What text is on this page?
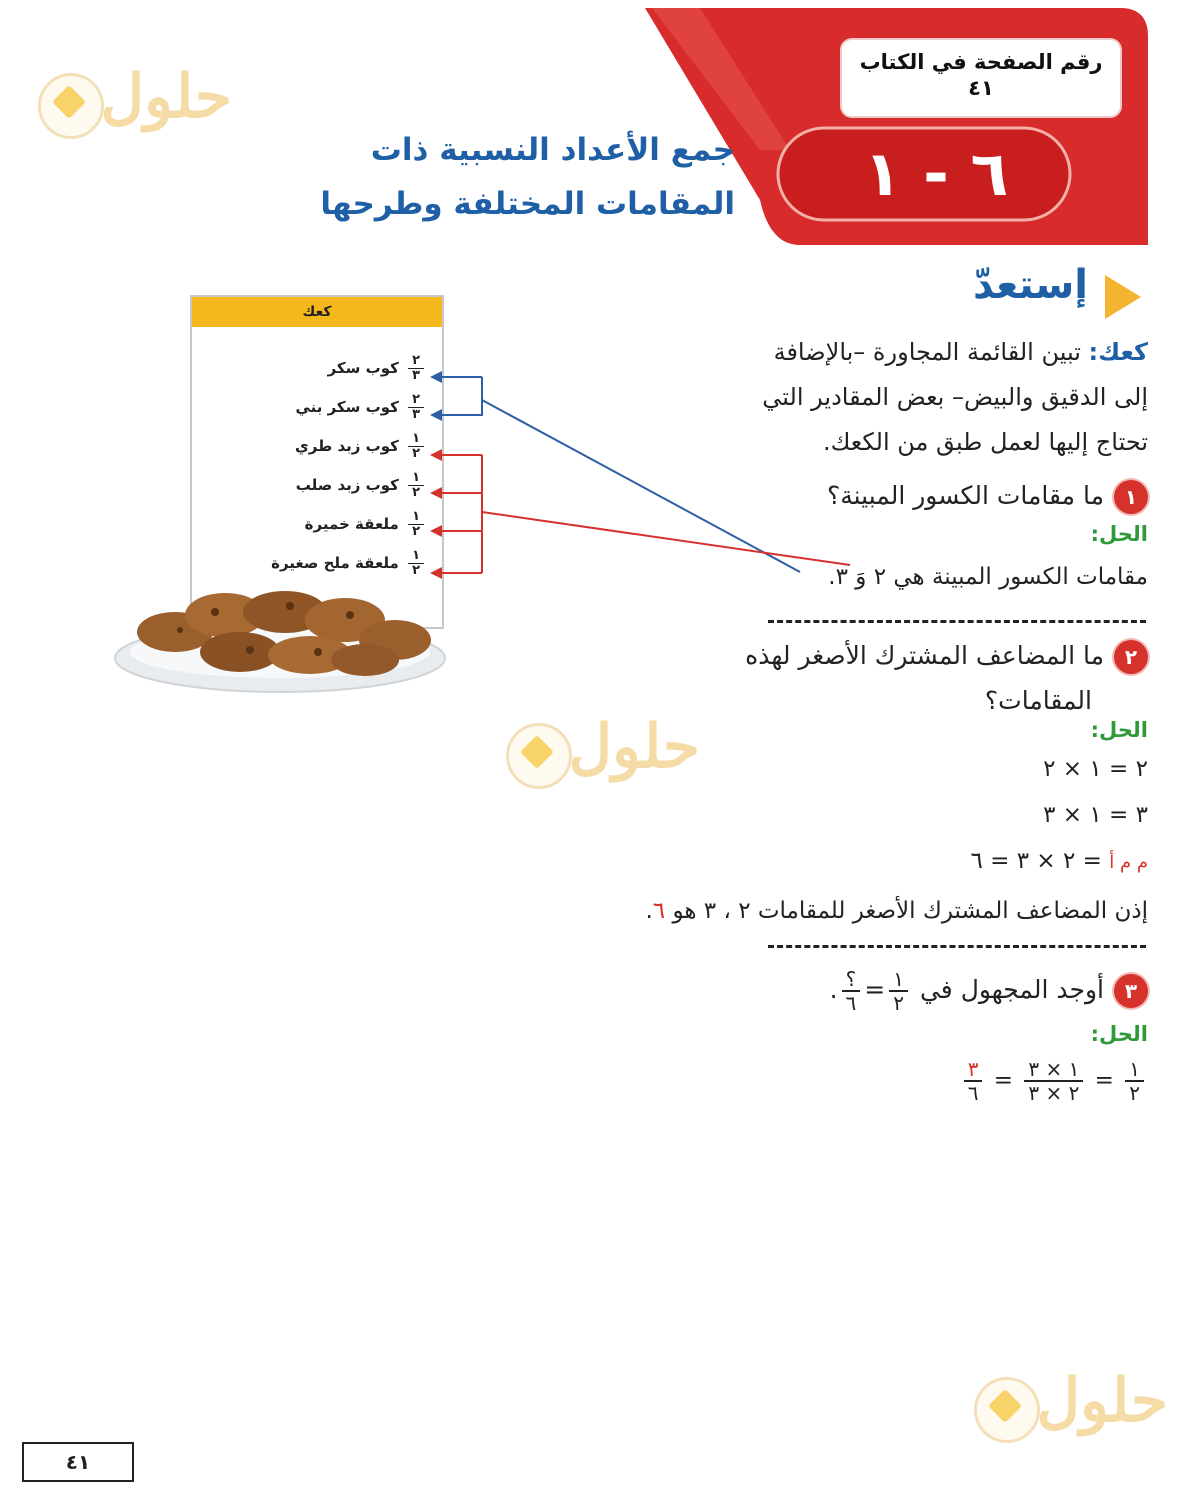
رقم الصفحة في الكتاب
٤١
٦ - ١
جمع الأعداد النسبية ذات
المقامات المختلفة وطرحها
حلول
حلول
حلول
إستعدّ
كعك: تبين القائمة المجاورة –بالإضافة
إلى الدقيق والبيض– بعض المقادير التي
تحتاج إليها لعمل طبق من الكعك.
١ما مقامات الكسور المبينة؟
الحل:
مقامات الكسور المبينة هي ٢ وَ ٣.
٢ما المضاعف المشترك الأصغر لهذه
المقامات؟
الحل:
٢ = ١ × ٢
٣ = ١ × ٣
م م أ = ٢ × ٣ = ٦
إذن المضاعف المشترك الأصغر للمقامات ٢ ، ٣ هو ٦.
٣أوجد المجهول في
$\frac{١}{٢}$
=
$\frac{؟}{٦}$
.
الحل:
$\frac{١}{٢}$
=
$\frac{١ \times ٣}{٢ \times ٣}$
=
$\frac{٣}{٦}$
كعك
$\frac{٢}{٣}$
كوب سكر
$\frac{٢}{٣}$
كوب سكر بني
$\frac{١}{٢}$
كوب زبد طري
$\frac{١}{٢}$
كوب زبد صلب
$\frac{١}{٢}$
ملعقة خميرة
$\frac{١}{٢}$
ملعقة ملح صغيرة
٤١
